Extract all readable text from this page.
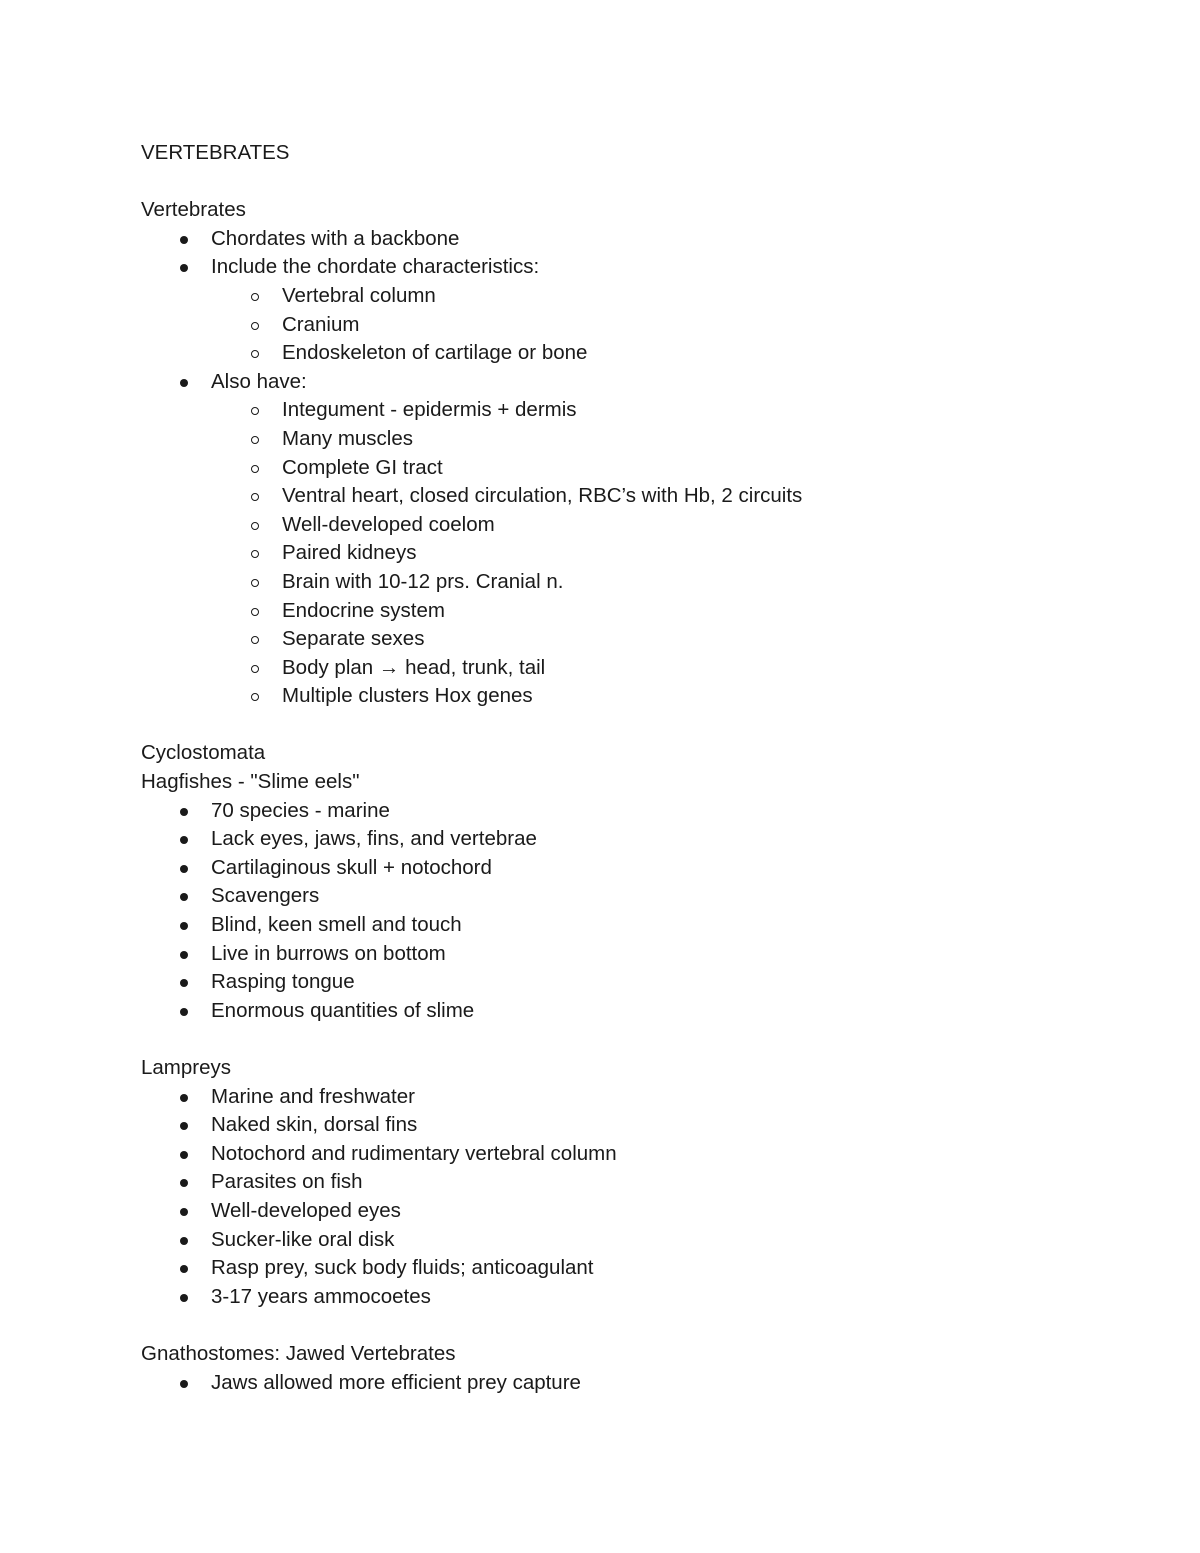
VERTEBRATES
Vertebrates
Chordates with a backbone
Include the chordate characteristics:
Vertebral column
Cranium
Endoskeleton of cartilage or bone
Also have:
Integument - epidermis + dermis
Many muscles
Complete GI tract
Ventral heart, closed circulation, RBC’s with Hb, 2 circuits
Well-developed coelom
Paired kidneys
Brain with 10-12 prs. Cranial n.
Endocrine system
Separate sexes
Body plan → head, trunk, tail
Multiple clusters Hox genes
Cyclostomata
Hagfishes - "Slime eels"
70 species - marine
Lack eyes, jaws, fins, and vertebrae
Cartilaginous skull + notochord
Scavengers
Blind, keen smell and touch
Live in burrows on bottom
Rasping tongue
Enormous quantities of slime
Lampreys
Marine and freshwater
Naked skin, dorsal fins
Notochord and rudimentary vertebral column
Parasites on fish
Well-developed eyes
Sucker-like oral disk
Rasp prey, suck body fluids; anticoagulant
3-17 years ammocoetes
Gnathostomes: Jawed Vertebrates
Jaws allowed more efficient prey capture
